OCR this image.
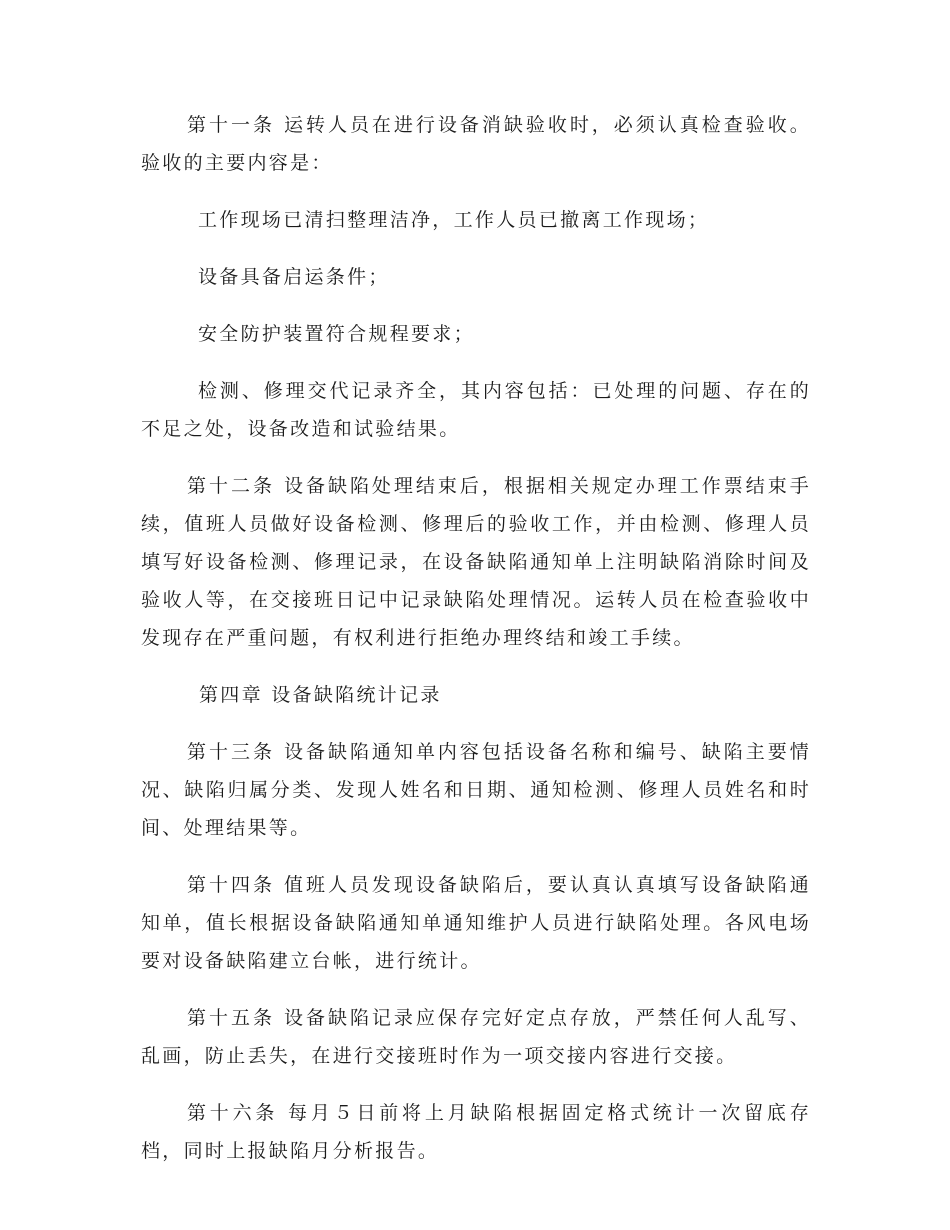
第十一条 运转人员在进行设备消缺验收时，必须认真检查验收。验收的主要内容是：

工作现场已清扫整理洁净，工作人员已撤离工作现场；

设备具备启运条件；

安全防护装置符合规程要求；

检测、修理交代记录齐全，其内容包括：已处理的问题、存在的不足之处，设备改造和试验结果。

第十二条 设备缺陷处理结束后，根据相关规定办理工作票结束手续，值班人员做好设备检测、修理后的验收工作，并由检测、修理人员填写好设备检测、修理记录，在设备缺陷通知单上注明缺陷消除时间及验收人等，在交接班日记中记录缺陷处理情况。运转人员在检查验收中发现存在严重问题，有权利进行拒绝办理终结和竣工手续。

第四章 设备缺陷统计记录

第十三条 设备缺陷通知单内容包括设备名称和编号、缺陷主要情况、缺陷归属分类、发现人姓名和日期、通知检测、修理人员姓名和时间、处理结果等。

第十四条 值班人员发现设备缺陷后，要认真认真填写设备缺陷通知单，值长根据设备缺陷通知单通知维护人员进行缺陷处理。各风电场要对设备缺陷建立台帐，进行统计。

第十五条 设备缺陷记录应保存完好定点存放，严禁任何人乱写、乱画，防止丢失，在进行交接班时作为一项交接内容进行交接。

第十六条 每月５日前将上月缺陷根据固定格式统计一次留底存档，同时上报缺陷月分析报告。
